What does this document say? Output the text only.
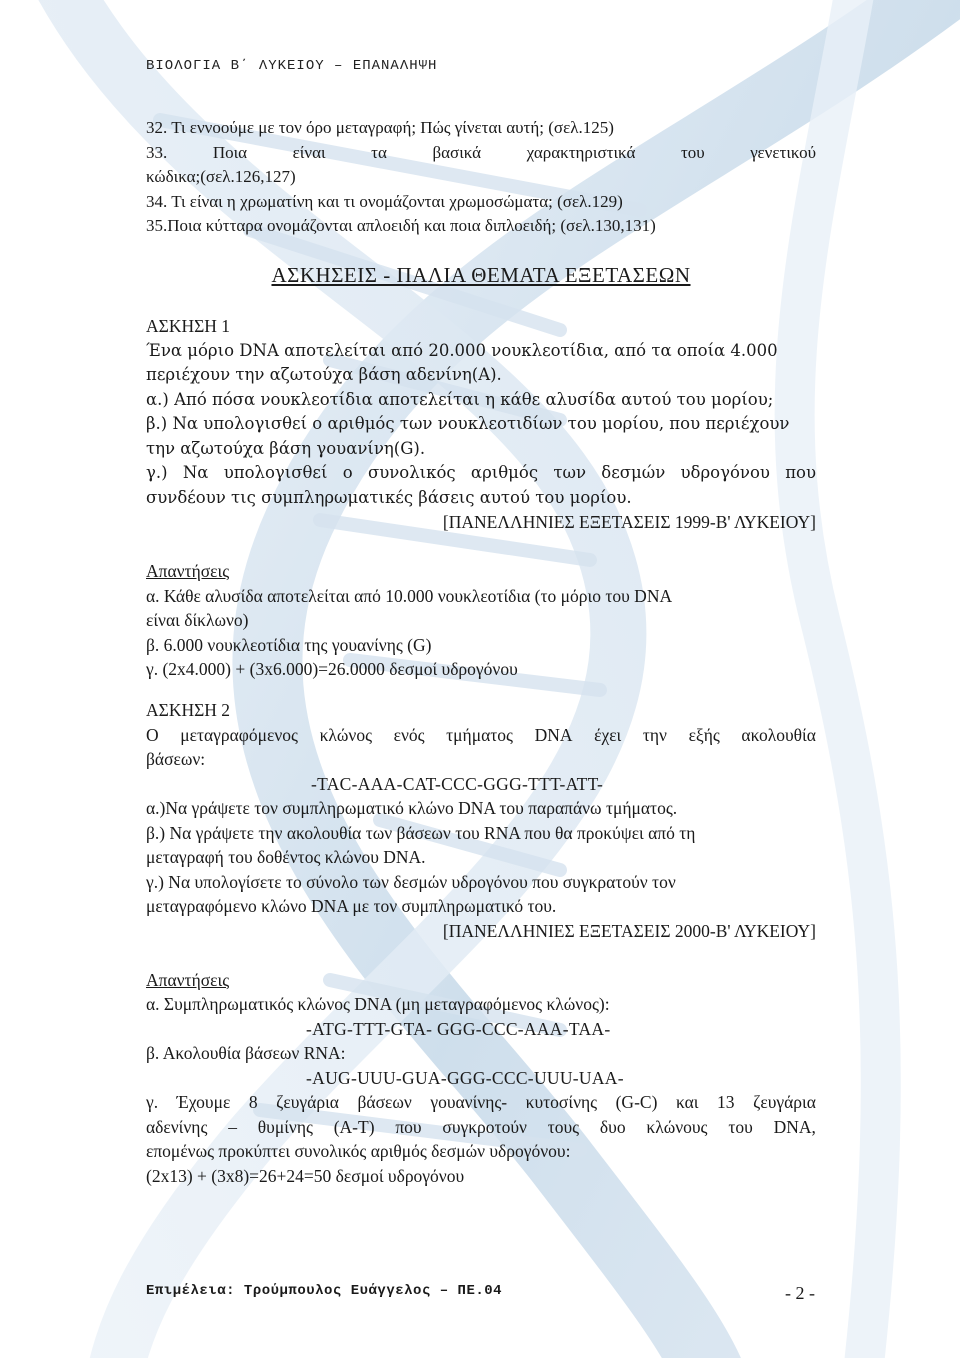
ΒΙΟΛΟΓΙΑ Β΄ ΛΥΚΕΙΟΥ – ΕΠΑΝΑΛΗΨΗ
32. Τι εννοούμε με τον όρο μεταγραφή; Πώς γίνεται αυτή; (σελ.125)
33.	Ποια	είναι	τα	βασικά	χαρακτηριστικά	του	γενετικού
κώδικα;(σελ.126,127)
34. Τι είναι η χρωματίνη και τι ονομάζονται χρωμοσώματα; (σελ.129)
35.Ποια κύτταρα ονομάζονται απλοειδή και ποια διπλοειδή; (σελ.130,131)
ΑΣΚΗΣΕΙΣ - ΠΑΛΙΑ ΘΕΜΑΤΑ ΕΞΕΤΑΣΕΩΝ
ΑΣΚΗΣΗ 1
Ένα μόριο DNA αποτελείται από 20.000 νουκλεοτίδια, από τα οποία 4.000
περιέχουν την αζωτούχα βάση αδενίνη(A).
α.) Από πόσα νουκλεοτίδια αποτελείται η κάθε αλυσίδα αυτού του μορίου;
β.) Να υπολογισθεί ο αριθμός των νουκλεοτιδίων του μορίου, που περιέχουν
την αζωτούχα βάση γουανίνη(G).
γ.) Να υπολογισθεί ο συνολικός αριθμός των δεσμών υδρογόνου που
συνδέουν τις συμπληρωματικές βάσεις αυτού του μορίου.
[ΠΑΝΕΛΛΗΝΙΕΣ ΕΞΕΤΑΣΕΙΣ 1999-Β' ΛΥΚΕΙΟΥ]
Απαντήσεις
α. Κάθε αλυσίδα αποτελείται από 10.000 νουκλεοτίδια (το μόριο του DNA
είναι δίκλωνο)
β. 6.000 νουκλεοτίδια της γουανίνης (G)
γ. (2x4.000) + (3x6.000)=26.0000 δεσμοί υδρογόνου
ΑΣΚΗΣΗ 2
Ο μεταγραφόμενος κλώνος ενός τμήματος DNA έχει την εξής ακολουθία
βάσεων:
-TAC-AAA-CAT-CCC-GGG-TTT-ATT-
α.)Να γράψετε τον συμπληρωματικό κλώνο DNA του παραπάνω τμήματος.
β.) Να γράψετε την ακολουθία των βάσεων του RNA που θα προκύψει από τη
μεταγραφή του δοθέντος κλώνου DNA.
γ.) Να υπολογίσετε το σύνολο των δεσμών υδρογόνου που συγκρατούν τον
μεταγραφόμενο κλώνο DNA με τον συμπληρωματικό του.
[ΠΑΝΕΛΛΗΝΙΕΣ ΕΞΕΤΑΣΕΙΣ 2000-Β' ΛΥΚΕΙΟΥ]
Απαντήσεις
α. Συμπληρωματικός κλώνος DNA (μη μεταγραφόμενος κλώνος):
-ATG-TTT-GTA- GGG-CCC-AAA-TAA-
β. Ακολουθία βάσεων RNA:
-AUG-UUU-GUA-GGG-CCC-UUU-UAA-
γ. Έχουμε 8 ζευγάρια βάσεων γουανίνης- κυτοσίνης (G-C) και 13 ζευγάρια
αδενίνης – θυμίνης (A-T) που συγκροτούν τους δυο κλώνους του DNA,
επομένως προκύπτει συνολικός αριθμός δεσμών υδρογόνου:
(2x13) + (3x8)=26+24=50 δεσμοί υδρογόνου
Επιμέλεια: Τρούμπουλος Ευάγγελος – ΠΕ.04	- 2 -
